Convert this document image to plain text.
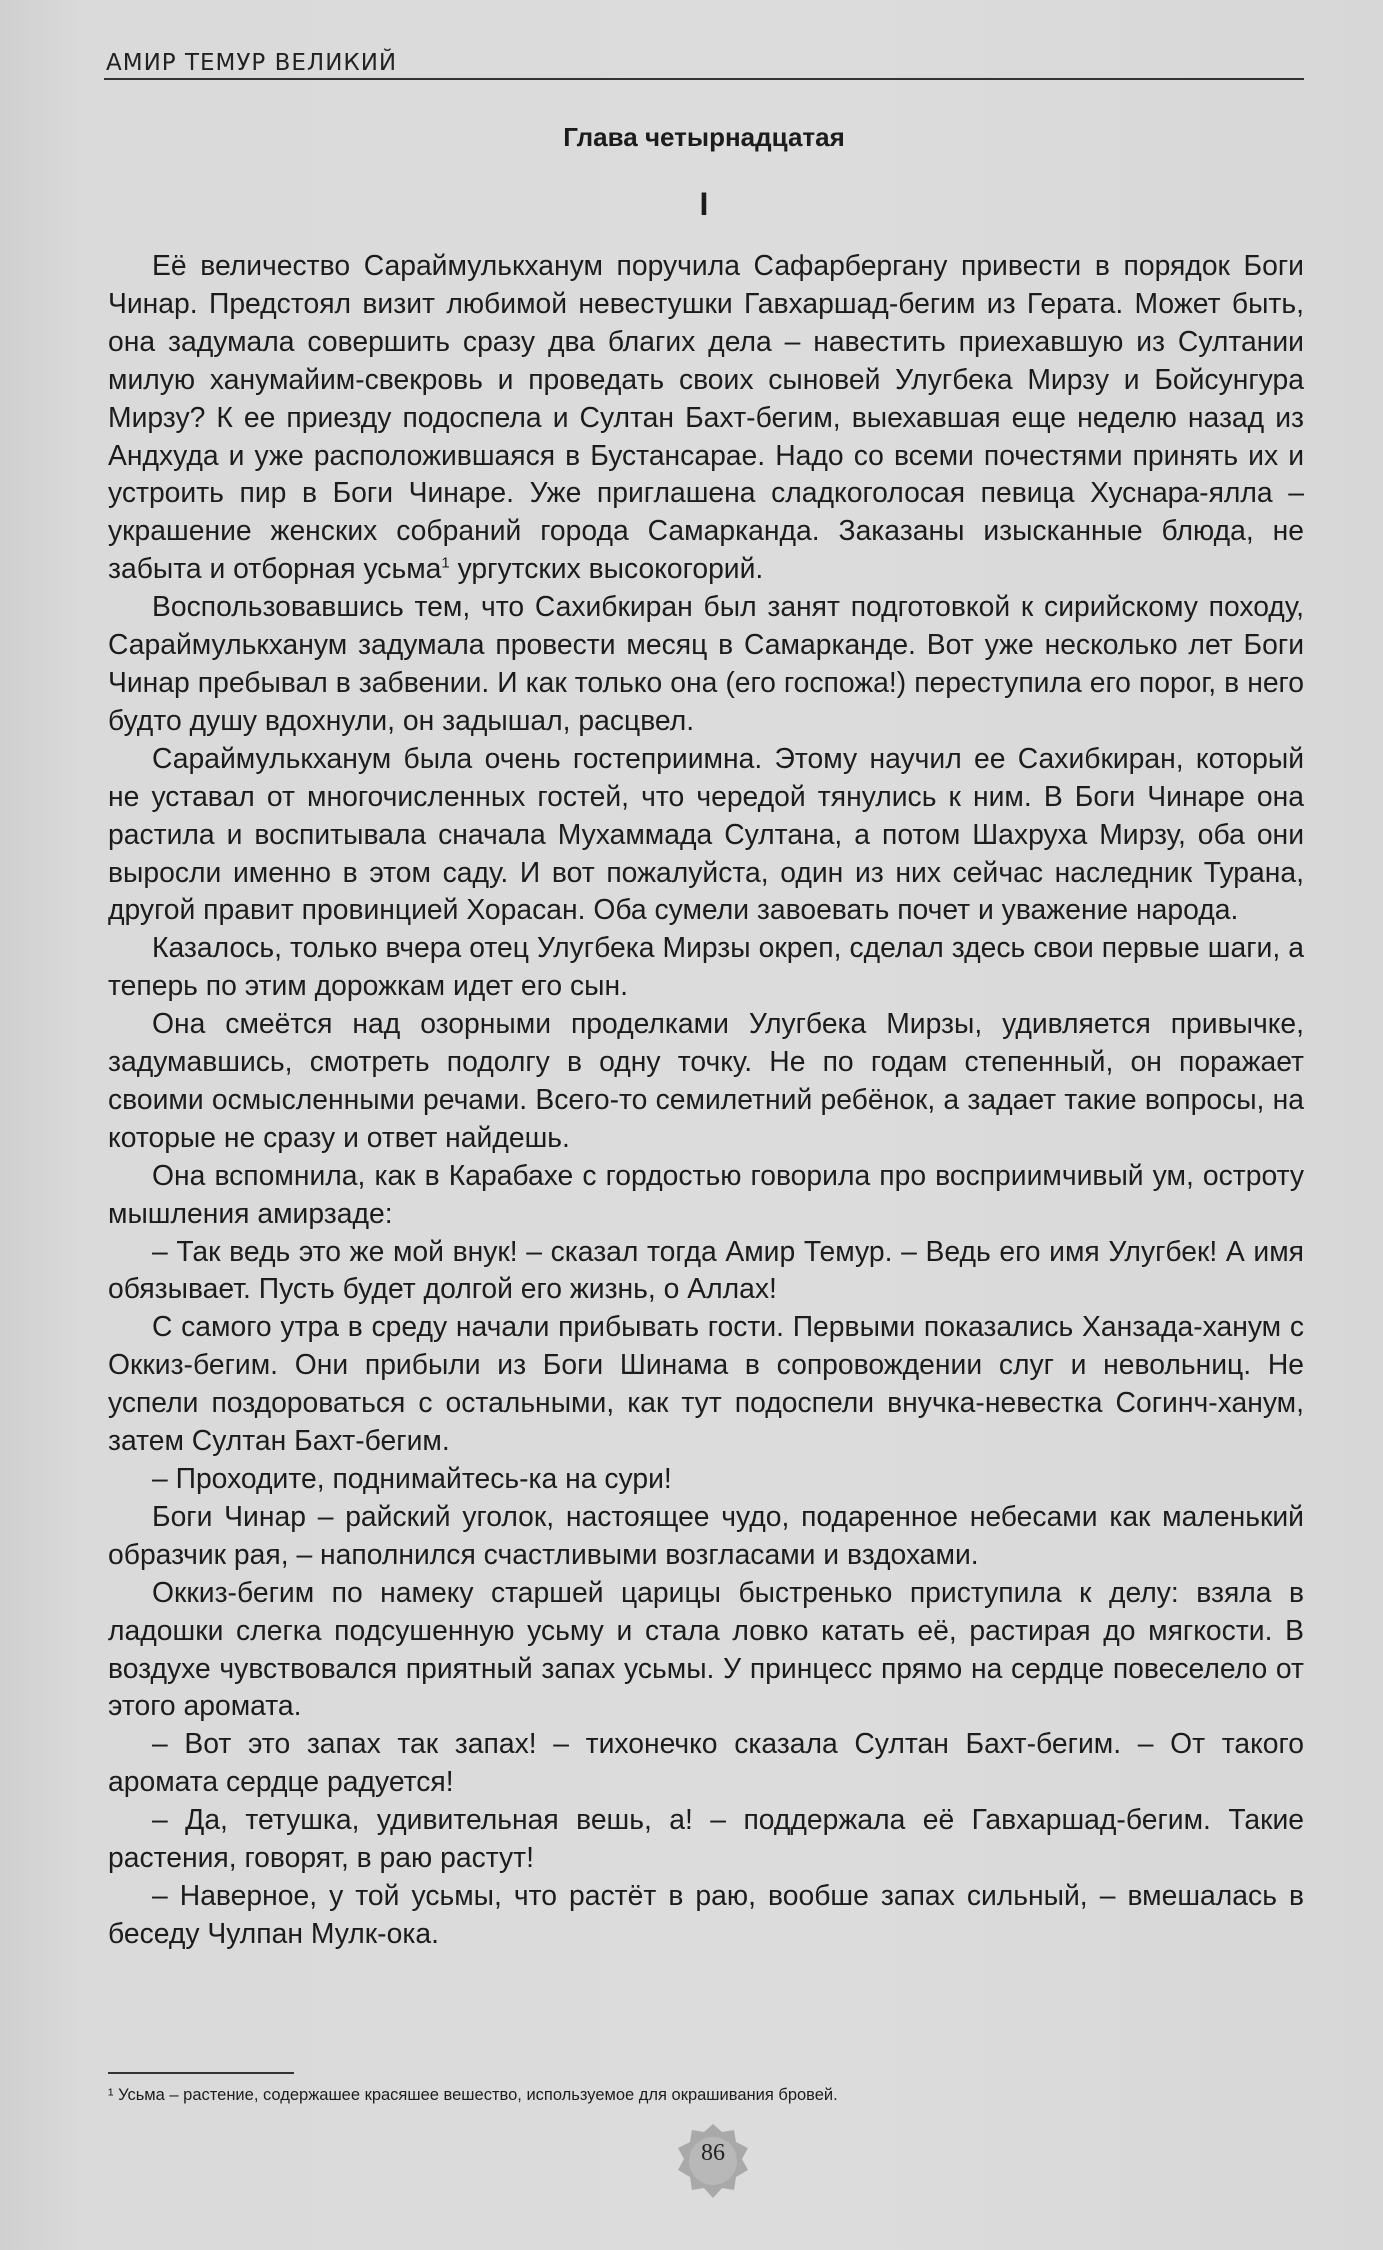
АМИР ТЕМУР ВЕЛИКИЙ
Глава четырнадцатая
I

Её величество Сараймулькханум поручила Сафарбергану привести в порядок Боги Чинар. Предстоял визит любимой невестушки Гавхаршад-бегим из Герата. Может быть, она задумала совершить сразу два благих дела – навестить приехавшую из Султании милую ханумайим-свекровь и проведать своих сыновей Улугбека Мирзу и Бойсунгура Мирзу? К ее приезду подоспела и Султан Бахт-бегим, выехавшая еще неделю назад из Андхуда и уже расположившаяся в Бустансарае. Надо со всеми почестями принять их и устроить пир в Боги Чинаре. Уже приглашена сладкоголосая певица Хуснара-ялла – украшение женских собраний города Самарканда. Заказаны изысканные блюда, не забыта и отборная усьма$^1$ ургутских высокогорий.

Воспользовавшись тем, что Сахибкиран был занят подготовкой к сирийскому походу, Сараймулькханум задумала провести месяц в Самарканде. Вот уже несколько лет Боги Чинар пребывал в забвении. И как только она (его госпожа!) переступила его порог, в него будто душу вдохнули, он задышал, расцвел.

Сараймулькханум была очень гостеприимна. Этому научил ее Сахибкиран, который не уставал от многочисленных гостей, что чередой тянулись к ним. В Боги Чинаре она растила и воспитывала сначала Мухаммада Султана, а потом Шахруха Мирзу, оба они выросли именно в этом саду. И вот пожалуйста, один из них сейчас наследник Турана, другой правит провинцией Хорасан. Оба сумели завоевать почет и уважение народа.

Казалось, только вчера отец Улугбека Мирзы окреп, сделал здесь свои первые шаги, а теперь по этим дорожкам идет его сын.

Она смеётся над озорными проделками Улугбека Мирзы, удивляется привычке, задумавшись, смотреть подолгу в одну точку. Не по годам степенный, он поражает своими осмысленными речами. Всего-то семилетний ребёнок, а задает такие вопросы, на которые не сразу и ответ найдешь.

Она вспомнила, как в Карабахе с гордостью говорила про восприимчивый ум, остроту мышления амирзаде:

– Так ведь это же мой внук! – сказал тогда Амир Темур. – Ведь его имя Улугбек! А имя обязывает. Пусть будет долгой его жизнь, о Аллах!

С самого утра в среду начали прибывать гости. Первыми показались Ханзада-ханум с Оккиз-бегим. Они прибыли из Боги Шинама в сопровождении слуг и невольниц. Не успели поздороваться с остальными, как тут подоспели внучка-невестка Согинч-ханум, затем Султан Бахт-бегим.

– Проходите, поднимайтесь-ка на сури!

Боги Чинар – райский уголок, настоящее чудо, подаренное небесами как маленький образчик рая, – наполнился счастливыми возгласами и вздохами.

Оккиз-бегим по намеку старшей царицы быстренько приступила к делу: взяла в ладошки слегка подсушенную усьму и стала ловко катать её, растирая до мягкости. В воздухе чувствовался приятный запах усьмы. У принцесс прямо на сердце повеселело от этого аромата.

– Вот это запах так запах! – тихонечко сказала Султан Бахт-бегим. – От такого аромата сердце радуется!

– Да, тетушка, удивительная вешь, а! – поддержала её Гавхаршад-бегим. Такие растения, говорят, в раю растут!

– Наверное, у той усьмы, что растёт в раю, вообше запах сильный, – вмешалась в беседу Чулпан Мулк-ока.

¹ Усьма – растение, содержашее красяшее вешество, используемое для окрашивания бровей.
86
